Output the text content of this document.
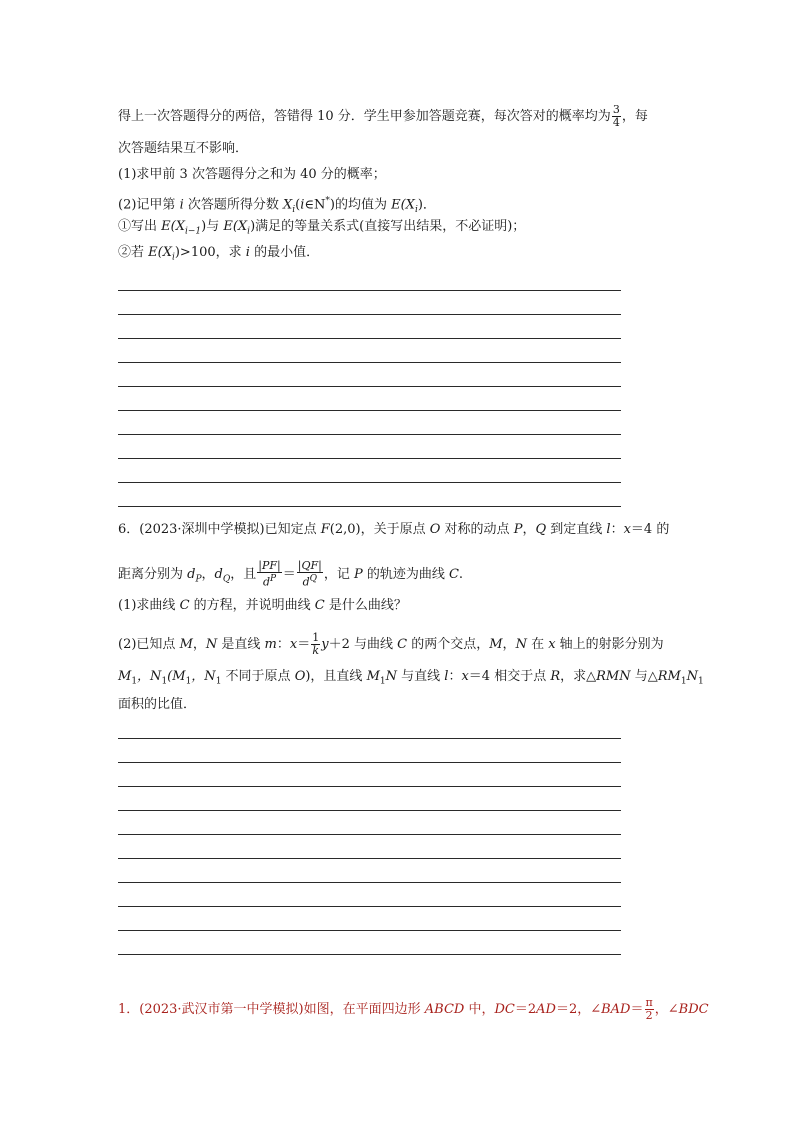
得上一次答题得分的两倍，答错得 10 分．学生甲参加答题竞赛，每次答对的概率均为 $\frac{3}{4}$ ，每
次答题结果互不影响．
(1)求甲前 3 次答题得分之和为 40 分的概率；
(2)记甲第 i 次答题所得分数 $X_i(i\in N^*)$的均值为 $E(X_i)$．
①写出 $E(X_{i-1})$与 $E(X_i)$满足的等量关系式(直接写出结果，不必证明)；
②若 $E(X_i)>100$，求 i 的最小值．
6．(2023·深圳中学模拟)已知定点 F(2,0)，关于原点 O 对称的动点 P，Q 到定直线 l：x＝4 的
距离分别为 $d_P$，$d_Q$，且 $\frac{|PF|}{d^P} = \frac{|QF|}{d^Q}$ ，记 P 的轨迹为曲线 C.
(1)求曲线 C 的方程，并说明曲线 C 是什么曲线？
(2)已知点 M，N 是直线 m：$x= \frac{1}{k} y+2$ 与曲线 C 的两个交点，M，N 在 x 轴上的射影分别为
$M_1$，$N_1(M_1$，$N_1$ 不同于原点 O)，且直线 $M_1N$ 与直线 l：x＝4 相交于点 R，求△RMN 与$\triangle RM_1N_1$
面积的比值．
1．(2023·武汉市第一中学模拟)如图，在平面四边形 ABCD 中，DC＝2AD＝2，∠BAD＝ $\frac{\pi}{2}$ ，∠BDC
